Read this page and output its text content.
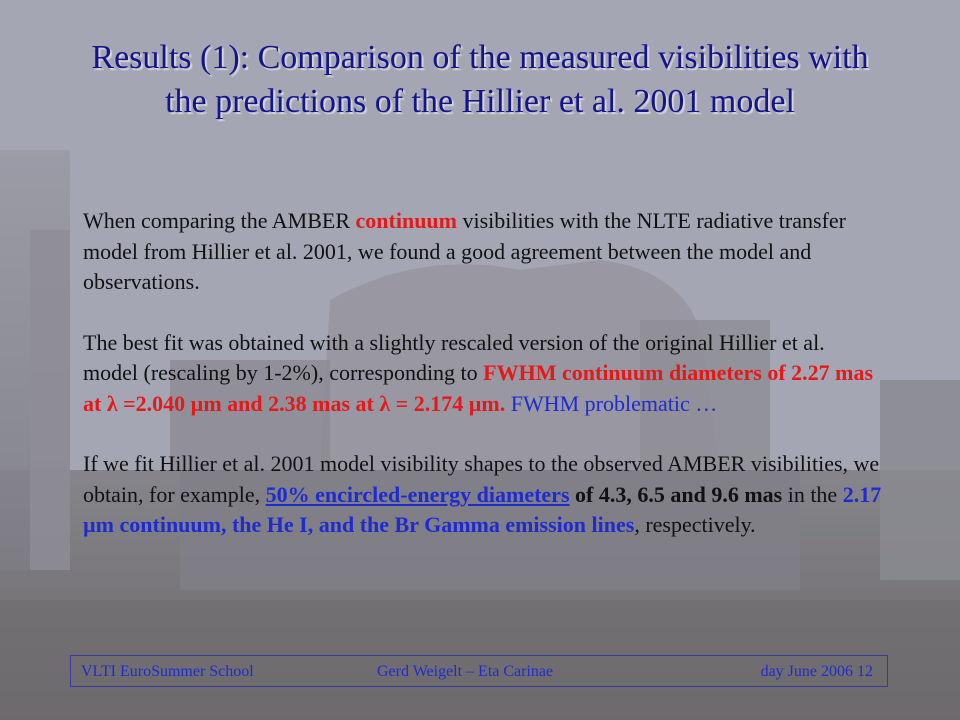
Results (1): Comparison of the measured visibilities with
the predictions of the Hillier et al. 2001 model

When comparing the AMBER continuum visibilities with the NLTE radiative transfer model from Hillier et al. 2001, we found a good agreement between the model and observations.

The best fit was obtained with a slightly rescaled version of the original Hillier et al. model (rescaling by 1-2%), corresponding to FWHM continuum diameters of 2.27 mas at λ =2.040 µm and 2.38 mas at λ = 2.174 µm. FWHM problematic …

If we fit Hillier et al. 2001 model visibility shapes to the observed AMBER visibilities, we obtain, for example, 50% encircled-energy diameters of 4.3, 6.5 and 9.6 mas in the 2.17 µm continuum, the He I, and the Br Gamma emission lines, respectively.

VLTI EuroSummer School	Gerd Weigelt – Eta Carinae	day June 2006 12
